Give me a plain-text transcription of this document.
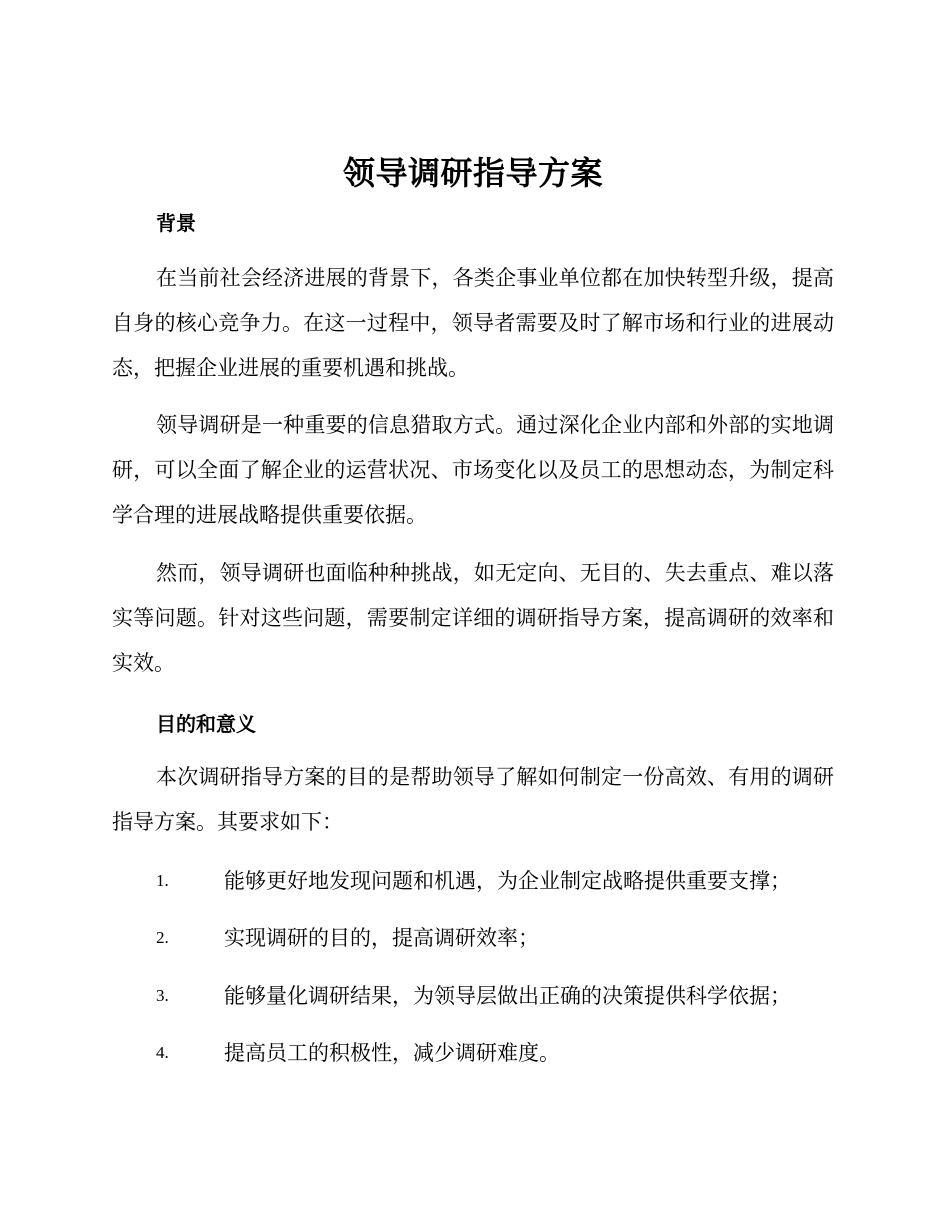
领导调研指导方案
背景

在当前社会经济进展的背景下，各类企事业单位都在加快转型升级，提高自身的核心竞争力。在这一过程中，领导者需要及时了解市场和行业的进展动态，把握企业进展的重要机遇和挑战。

领导调研是一种重要的信息猎取方式。通过深化企业内部和外部的实地调研，可以全面了解企业的运营状况、市场变化以及员工的思想动态，为制定科学合理的进展战略提供重要依据。

然而，领导调研也面临种种挑战，如无定向、无目的、失去重点、难以落实等问题。针对这些问题，需要制定详细的调研指导方案，提高调研的效率和实效。

目的和意义

本次调研指导方案的目的是帮助领导了解如何制定一份高效、有用的调研指导方案。其要求如下：

1.	能够更好地发现问题和机遇，为企业制定战略提供重要支撑；
2.	实现调研的目的，提高调研效率；
3.	能够量化调研结果，为领导层做出正确的决策提供科学依据；
4.	提高员工的积极性，减少调研难度。
